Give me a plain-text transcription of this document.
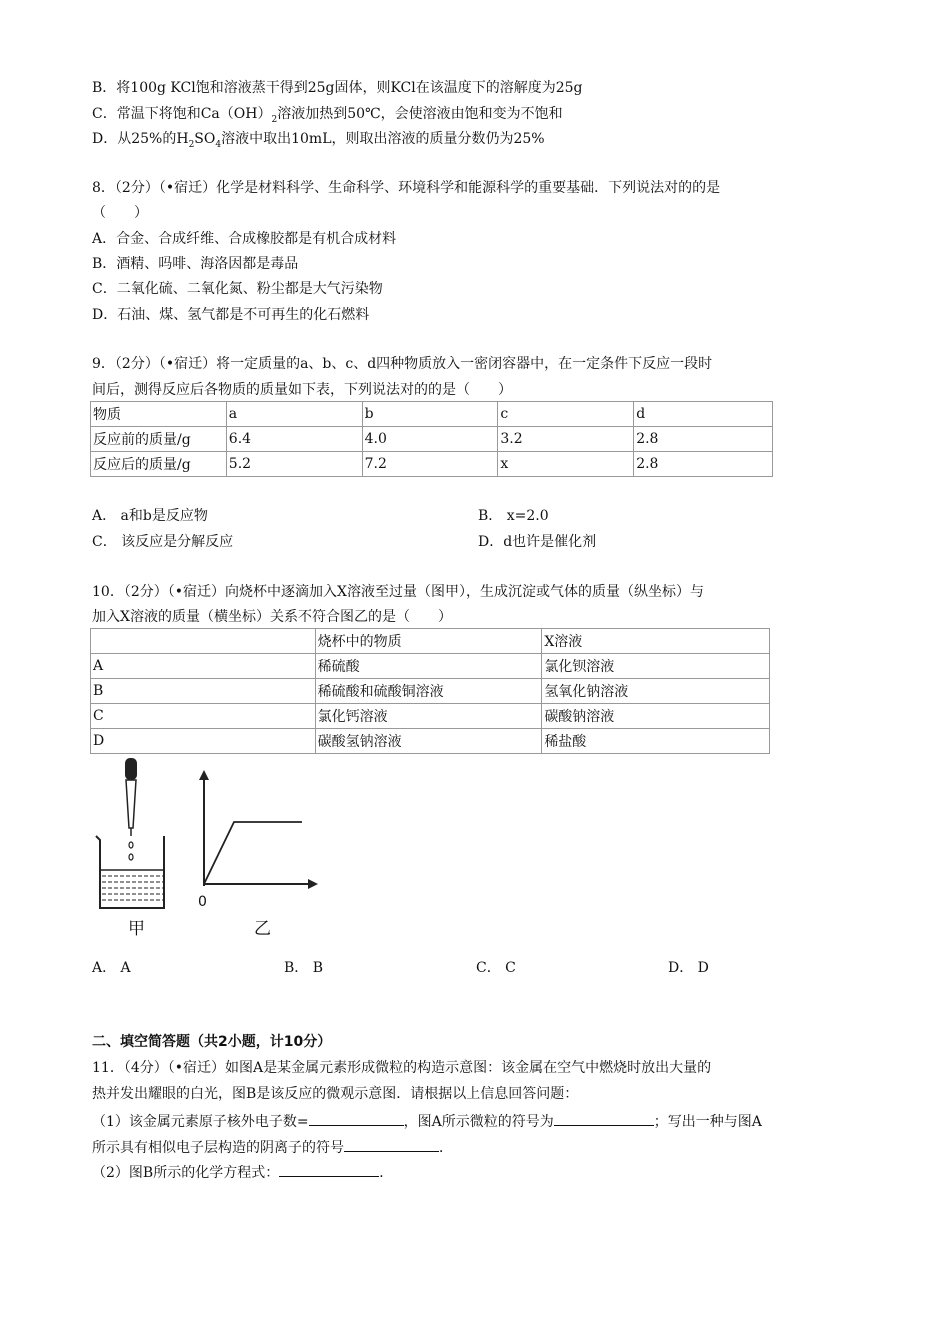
B．将100g KCl饱和溶液蒸干得到25g固体，则KCl在该温度下的溶解度为25g
C．常温下将饱和$Ca(OH)_2$溶液加热到50℃，会使溶液由饱和变为不饱和
D．从25%的$H_2SO_4$溶液中取出10mL，则取出溶液的质量分数仍为25%
8．（2分）（•宿迁）化学是材料科学、生命科学、环境科学和能源科学的重要基础．下列说法对的的是
（　　）
A．合金、合成纤维、合成橡胶都是有机合成材料
B．酒精、吗啡、海洛因都是毒品
C．二氧化硫、二氧化氮、粉尘都是大气污染物
D．石油、煤、氢气都是不可再生的化石燃料
9．（2分）（•宿迁）将一定质量的a、b、c、d四种物质放入一密闭容器中，在一定条件下反应一段时
间后，测得反应后各物质的质量如下表，下列说法对的的是（　　）
物质	a	b	c	d
反应前的质量/g	6.4	4.0	3.2	2.8
反应后的质量/g	5.2	7.2	x	2.8
A． a和b是反应物	B． x=2.0
C． 该反应是分解反应	D．d也许是催化剂
10．（2分）（•宿迁）向烧杯中逐滴加入X溶液至过量（图甲），生成沉淀或气体的质量（纵坐标）与
加入X溶液的质量（横坐标）关系不符合图乙的是（　　）
	烧杯中的物质	X溶液
A	稀硫酸	氯化钡溶液
B	稀硫酸和硫酸铜溶液	氢氧化钠溶液
C	氯化钙溶液	碳酸钠溶液
D	碳酸氢钠溶液	稀盐酸
甲
0
乙
A． A	B． B	C． C	D． D
二、填空简答题（共2小题，计10分）
11．（4分）（•宿迁）如图A是某金属元素形成微粒的构造示意图：该金属在空气中燃烧时放出大量的
热并发出耀眼的白光，图B是该反应的微观示意图．请根据以上信息回答问题：
（1）该金属元素原子核外电子数=	，图A所示微粒的符号为	；写出一种与图A
所示具有相似电子层构造的阴离子的符号	．
（2）图B所示的化学方程式：	．
